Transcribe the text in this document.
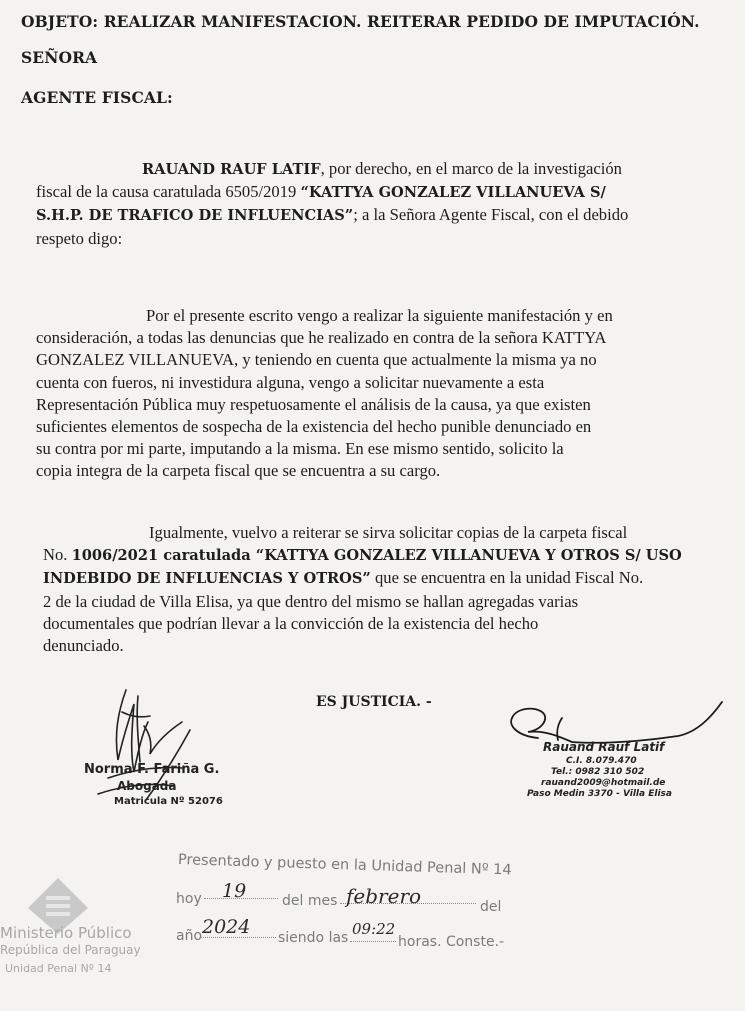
OBJETO: REALIZAR MANIFESTACION. REITERAR PEDIDO DE IMPUTACIÓN.
SEÑORA
AGENTE FISCAL:
RAUAND RAUF LATIF, por derecho, en el marco de la investigación
fiscal de la causa caratulada 6505/2019 “KATTYA GONZALEZ VILLANUEVA S/
S.H.P. DE TRAFICO DE INFLUENCIAS”; a la Señora Agente Fiscal, con el debido
respeto digo:
Por el presente escrito vengo a realizar la siguiente manifestación y en
consideración, a todas las denuncias que he realizado en contra de la señora KATTYA
GONZALEZ VILLANUEVA, y teniendo en cuenta que actualmente la misma ya no
cuenta con fueros, ni investidura alguna, vengo a solicitar nuevamente a esta
Representación Pública muy respetuosamente el análisis de la causa, ya que existen
suficientes elementos de sospecha de la existencia del hecho punible denunciado en
su contra por mi parte, imputando a la misma. En ese mismo sentido, solicito la
copia integra de la carpeta fiscal que se encuentra a su cargo.
Igualmente, vuelvo a reiterar se sirva solicitar copias de la carpeta fiscal
No. 1006/2021 caratulada “KATTYA GONZALEZ VILLANUEVA Y OTROS S/ USO
INDEBIDO DE INFLUENCIAS Y OTROS” que se encuentra en la unidad Fiscal No.
2 de la ciudad de Villa Elisa, ya que dentro del mismo se hallan agregadas varias
documentales que podrían llevar a la convicción de la existencia del hecho
denunciado.
ES JUSTICIA. -
Norma F. Fariña G.
Abogada
Matricula Nº 52076
Rauand Rauf Latif
C.I. 8.079.470
Tel.: 0982 310 502
rauand2009@hotmail.de
Paso Medin 3370 - Villa Elisa
Ministerio Público
República del Paraguay
Unidad Penal Nº 14
Presentado y puesto en la Unidad Penal Nº 14
hoy 19	del mes febrero	del
año 2024 siendo las 09:22
horas. Conste.-
